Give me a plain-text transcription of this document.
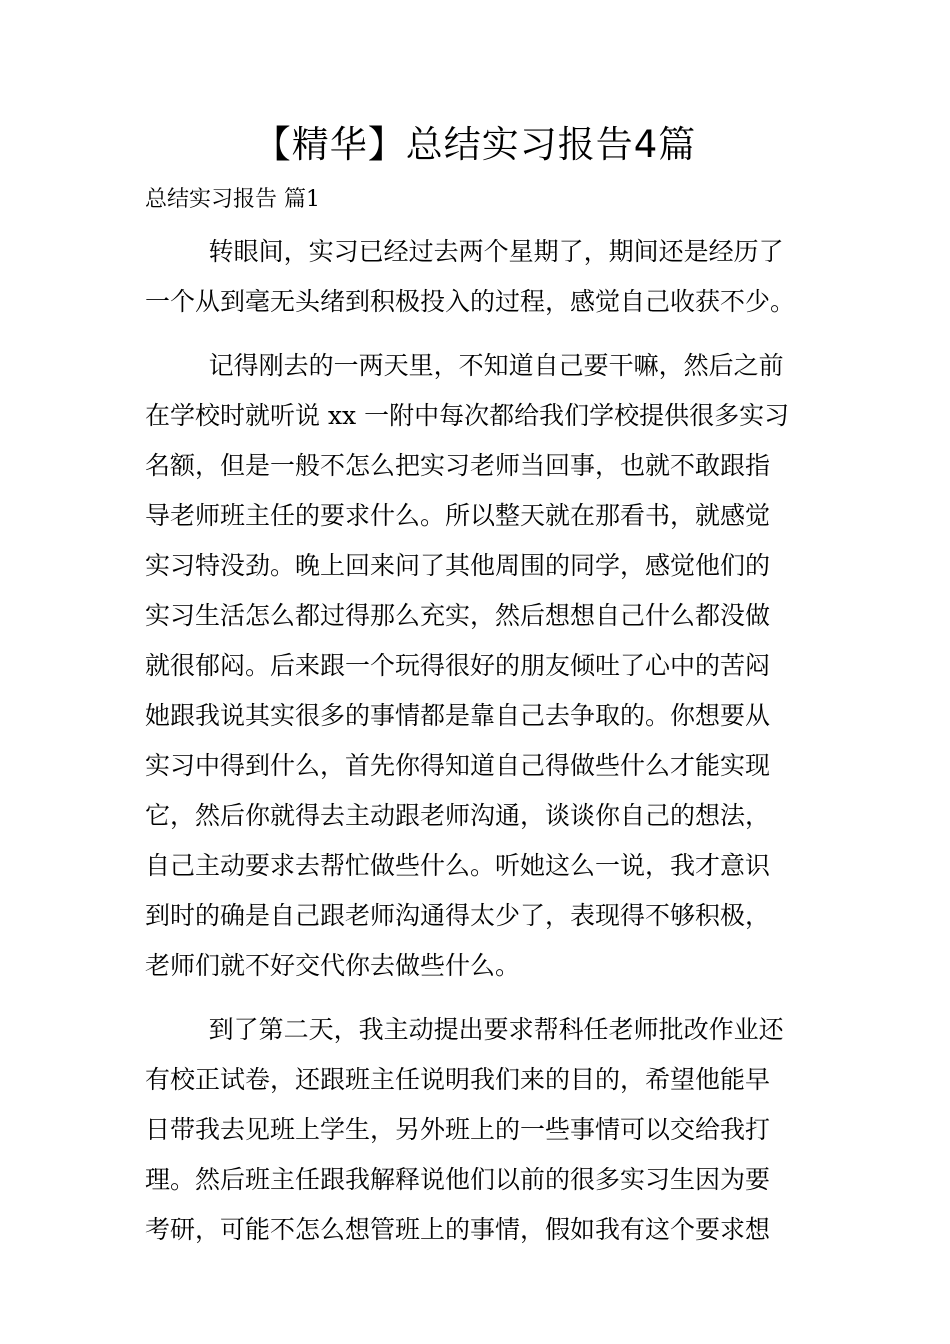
【精华】总结实习报告4篇
总结实习报告 篇1
转眼间，实习已经过去两个星期了，期间还是经历了
一个从到毫无头绪到积极投入的过程，感觉自己收获不少。
记得刚去的一两天里，不知道自己要干嘛，然后之前
在学校时就听说 xx 一附中每次都给我们学校提供很多实习
名额，但是一般不怎么把实习老师当回事，也就不敢跟指
导老师班主任的要求什么。所以整天就在那看书，就感觉
实习特没劲。晚上回来问了其他周围的同学，感觉他们的
实习生活怎么都过得那么充实，然后想想自己什么都没做
就很郁闷。后来跟一个玩得很好的朋友倾吐了心中的苦闷
她跟我说其实很多的事情都是靠自己去争取的。你想要从
实习中得到什么，首先你得知道自己得做些什么才能实现
它，然后你就得去主动跟老师沟通，谈谈你自己的想法，
自己主动要求去帮忙做些什么。听她这么一说，我才意识
到时的确是自己跟老师沟通得太少了，表现得不够积极，
老师们就不好交代你去做些什么。
到了第二天，我主动提出要求帮科任老师批改作业还
有校正试卷，还跟班主任说明我们来的目的，希望他能早
日带我去见班上学生，另外班上的一些事情可以交给我打
理。然后班主任跟我解释说他们以前的很多实习生因为要
考研，可能不怎么想管班上的事情，假如我有这个要求想
